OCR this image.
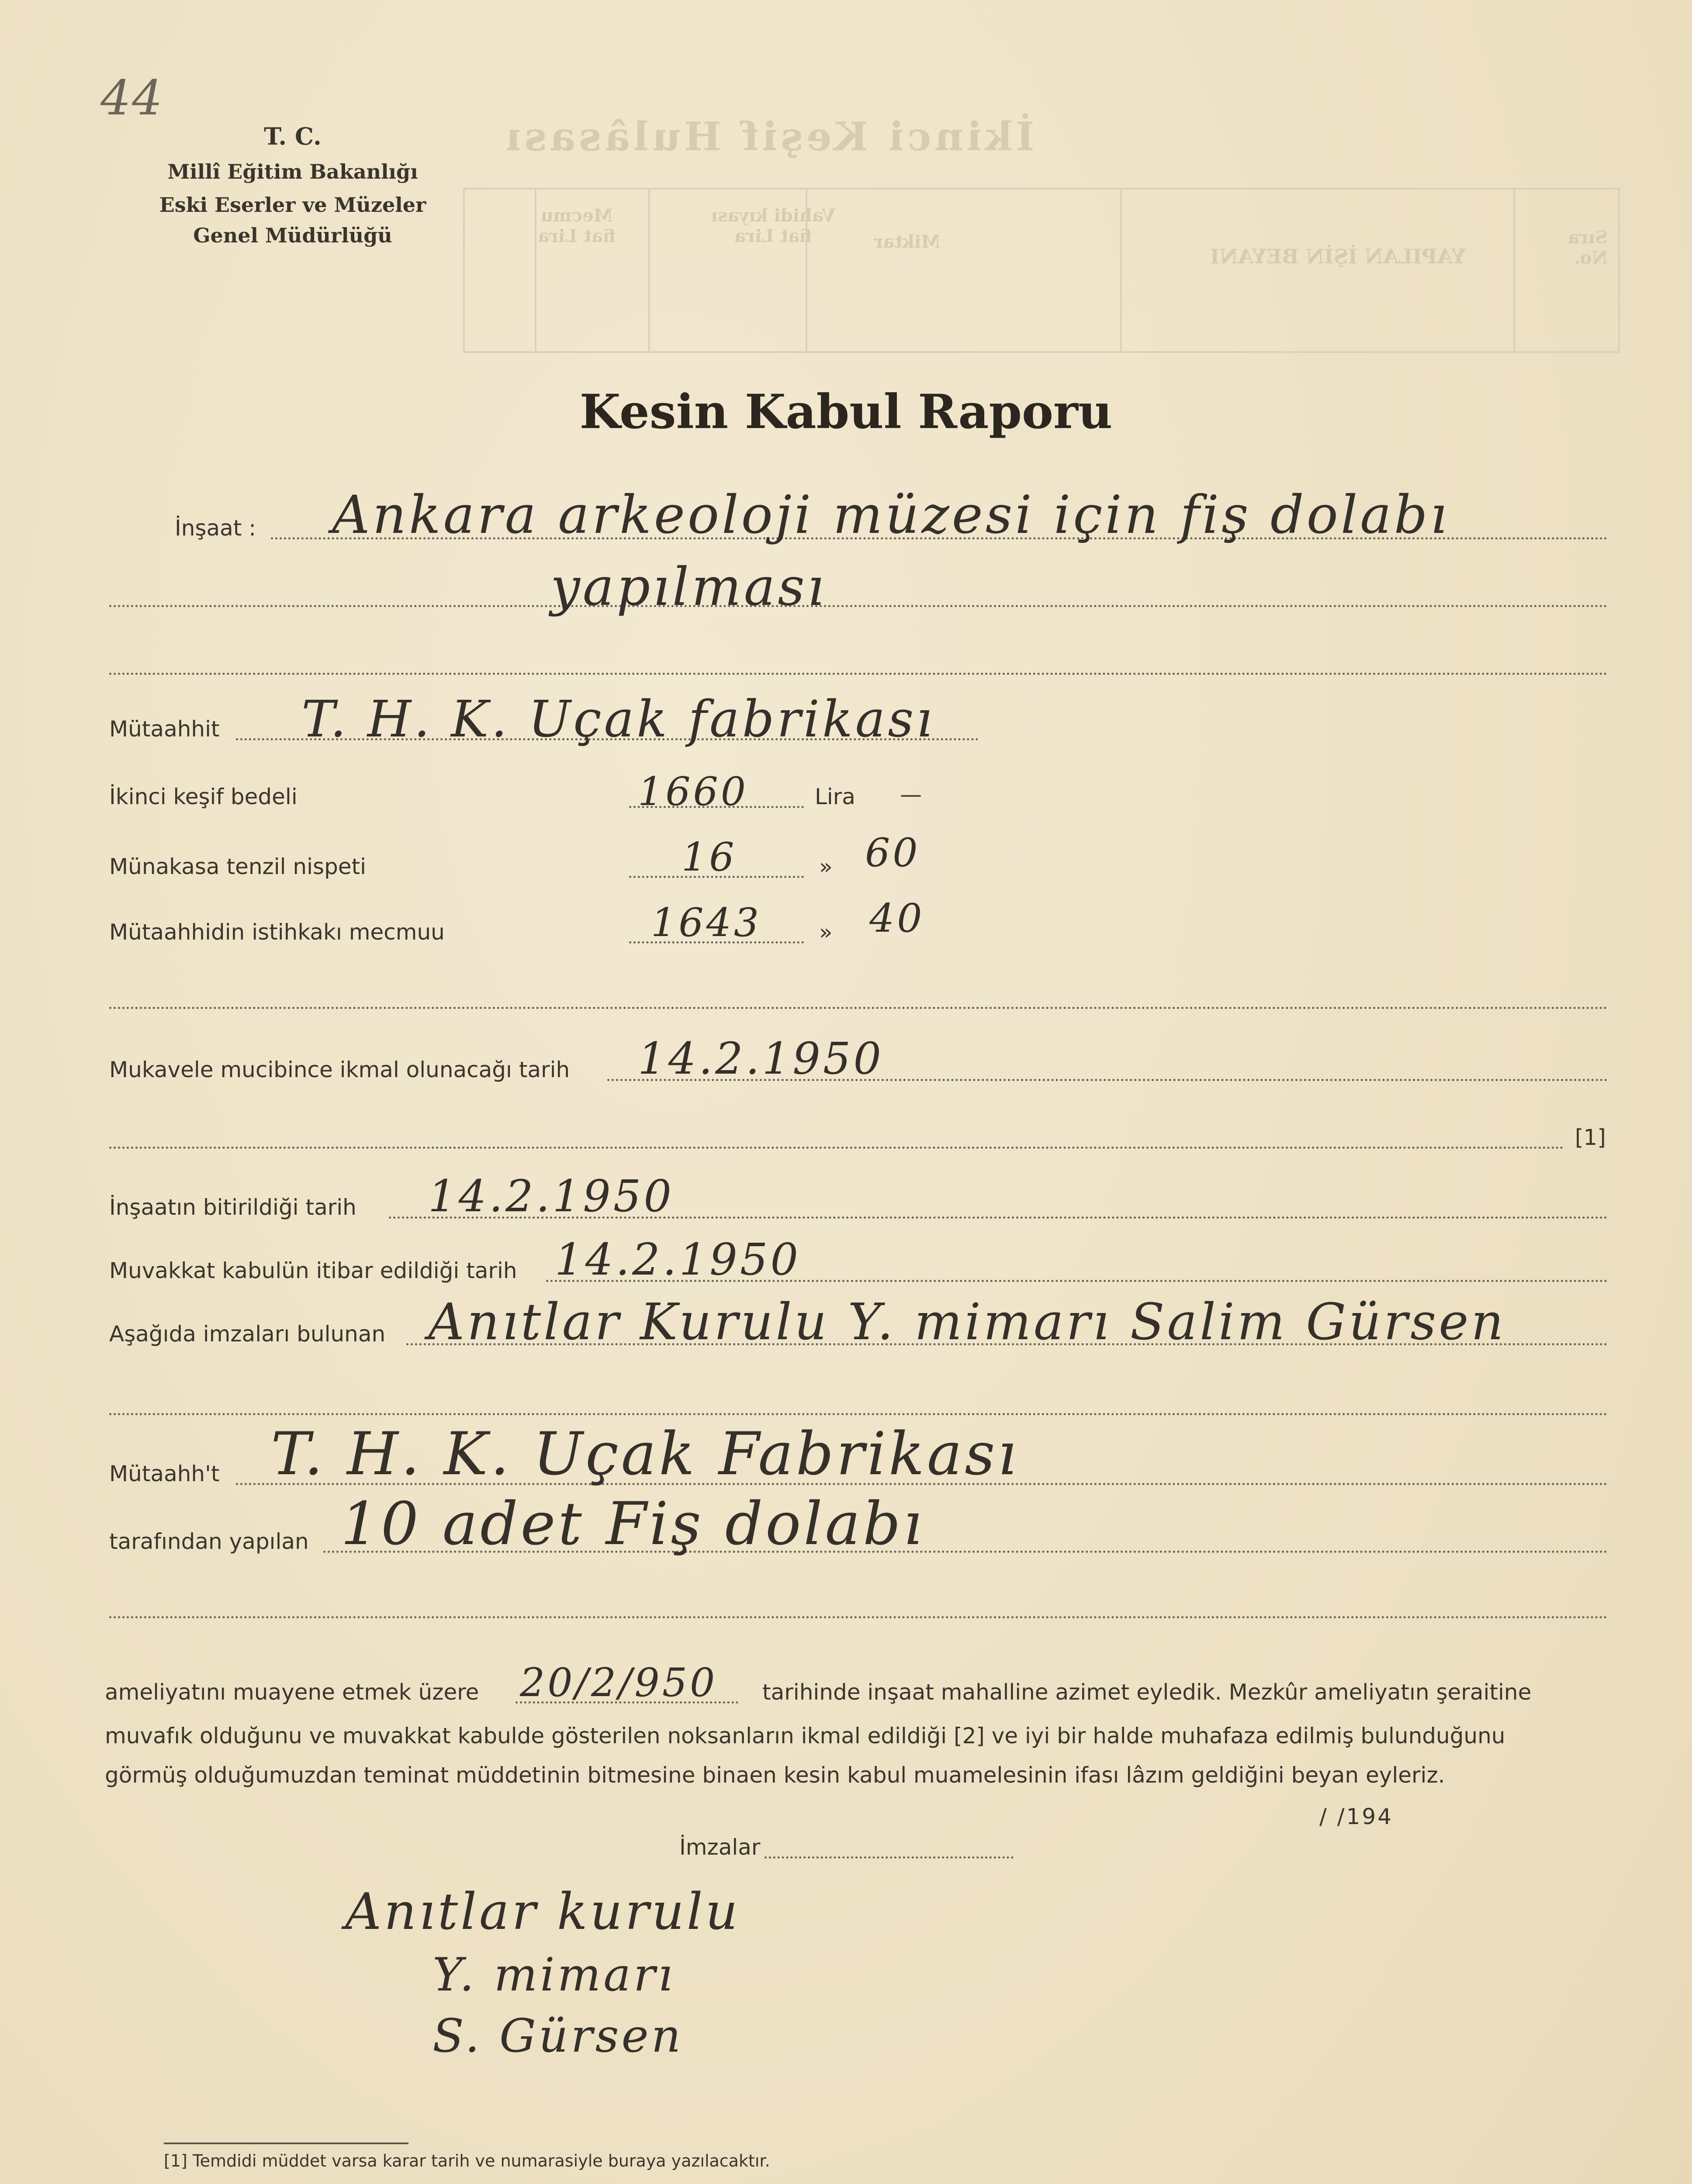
İkinci Keşif Hulâsası
YAPILAN İŞİN BEYANI
Sıra No.
Miktar
Vahidi kıyası fiat Lira
Mecmu fiat Lira
44
T. C.
Millî Eğitim Bakanlığı
Eski Eserler ve Müzeler
Genel Müdürlüğü
Kesin Kabul Raporu
İnşaat : Ankara arkeoloji müzesi için fiş dolabı
yapılması
Mütaahhit T. H. K. Uçak fabrikası
İkinci keşif bedeli	1660	Lira —
Münakasa tenzil nispeti	16	» 60
Mütaahhidin istihkakı mecmuu	1643	» 40
Mukavele mucibince ikmal olunacağı tarih 14.2.1950
[1]
İnşaatın bitirildiği tarih 14.2.1950
Muvakkat kabulün itibar edildiği tarih 14.2.1950
Aşağıda imzaları bulunan Anıtlar Kurulu Y. mimarı Salim Gürsen
Mütaahh't T. H. K. Uçak Fabrikası
tarafından yapılan 10 adet Fiş dolabı
ameliyatını muayene etmek üzere 20/2/950 tarihinde inşaat mahalline azimet eyledik. Mezkûr ameliyatın şeraitine
muvafık olduğunu ve muvakkat kabulde gösterilen noksanların ikmal edildiği [2] ve iyi bir halde muhafaza edilmiş bulunduğunu
görmüş olduğumuzdan teminat müddetinin bitmesine binaen kesin kabul muamelesinin ifası lâzım geldiğini beyan eyleriz.
/ /194
İmzalar
Anıtlar kurulu
Y. mimarı
S. Gürsen
[1] Temdidi müddet varsa karar tarih ve numarasiyle buraya yazılacaktır.
